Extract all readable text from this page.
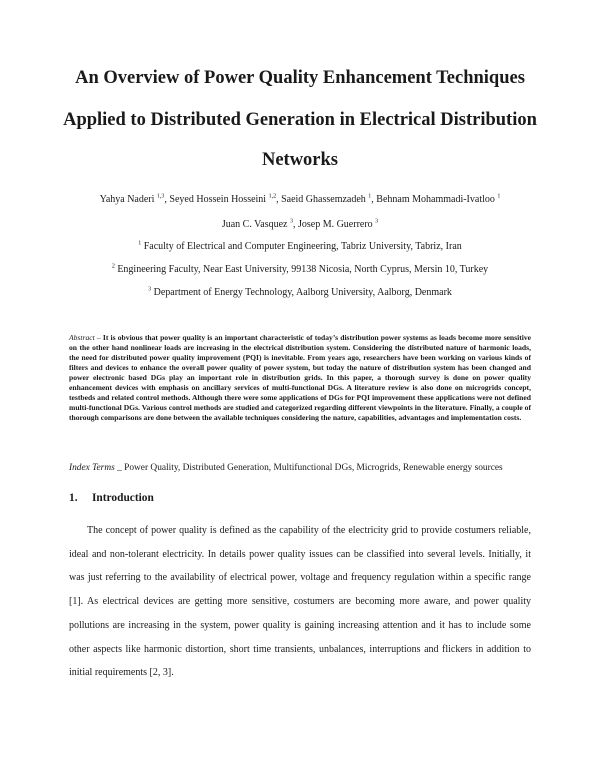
An Overview of Power Quality Enhancement Techniques
Applied to Distributed Generation in Electrical Distribution
Networks
Yahya Naderi $^{1,3}$, Seyed Hossein Hosseini $^{1,2}$, Saeid Ghassemzadeh $^1$, Behnam Mohammadi-Ivatloo $^1$
Juan C. Vasquez $^3$, Josep M. Guerrero $^3$
$^1$ Faculty of Electrical and Computer Engineering, Tabriz University, Tabriz, Iran
$^2$ Engineering Faculty, Near East University, 99138 Nicosia, North Cyprus, Mersin 10, Turkey
$^3$ Department of Energy Technology, Aalborg University, Aalborg, Denmark

Abstract – It is obvious that power quality is an important characteristic of today’s distribution power systems as loads become more sensitive on the other hand nonlinear loads are increasing in the electrical distribution system. Considering the distributed nature of harmonic loads, the need for distributed power quality improvement (PQI) is inevitable. From years ago, researchers have been working on various kinds of filters and devices to enhance the overall power quality of power system, but today the nature of distribution system has been changed and power electronic based DGs play an important role in distribution grids. In this paper, a thorough survey is done on power quality enhancement devices with emphasis on ancillary services of multi-functional DGs. A literature review is also done on microgrids concept, testbeds and related control methods. Although there were some applications of DGs for PQI improvement these applications were not defined multi-functional DGs. Various control methods are studied and categorized regarding different viewpoints in the literature. Finally, a couple of thorough comparisons are done between the available techniques considering the nature, capabilities, advantages and implementation costs.

Index Terms _ Power Quality, Distributed Generation, Multifunctional DGs, Microgrids, Renewable energy sources

1. Introduction

The concept of power quality is defined as the capability of the electricity grid to provide costumers reliable, ideal and non-tolerant electricity. In details power quality issues can be classified into several levels. Initially, it was just referring to the availability of electrical power, voltage and frequency regulation within a specific range [1]. As electrical devices are getting more sensitive, costumers are becoming more aware, and power quality pollutions are increasing in the system, power quality is gaining increasing attention and it has to include some other aspects like harmonic distortion, short time transients, unbalances, interruptions and flickers in addition to initial requirements [2, 3].
